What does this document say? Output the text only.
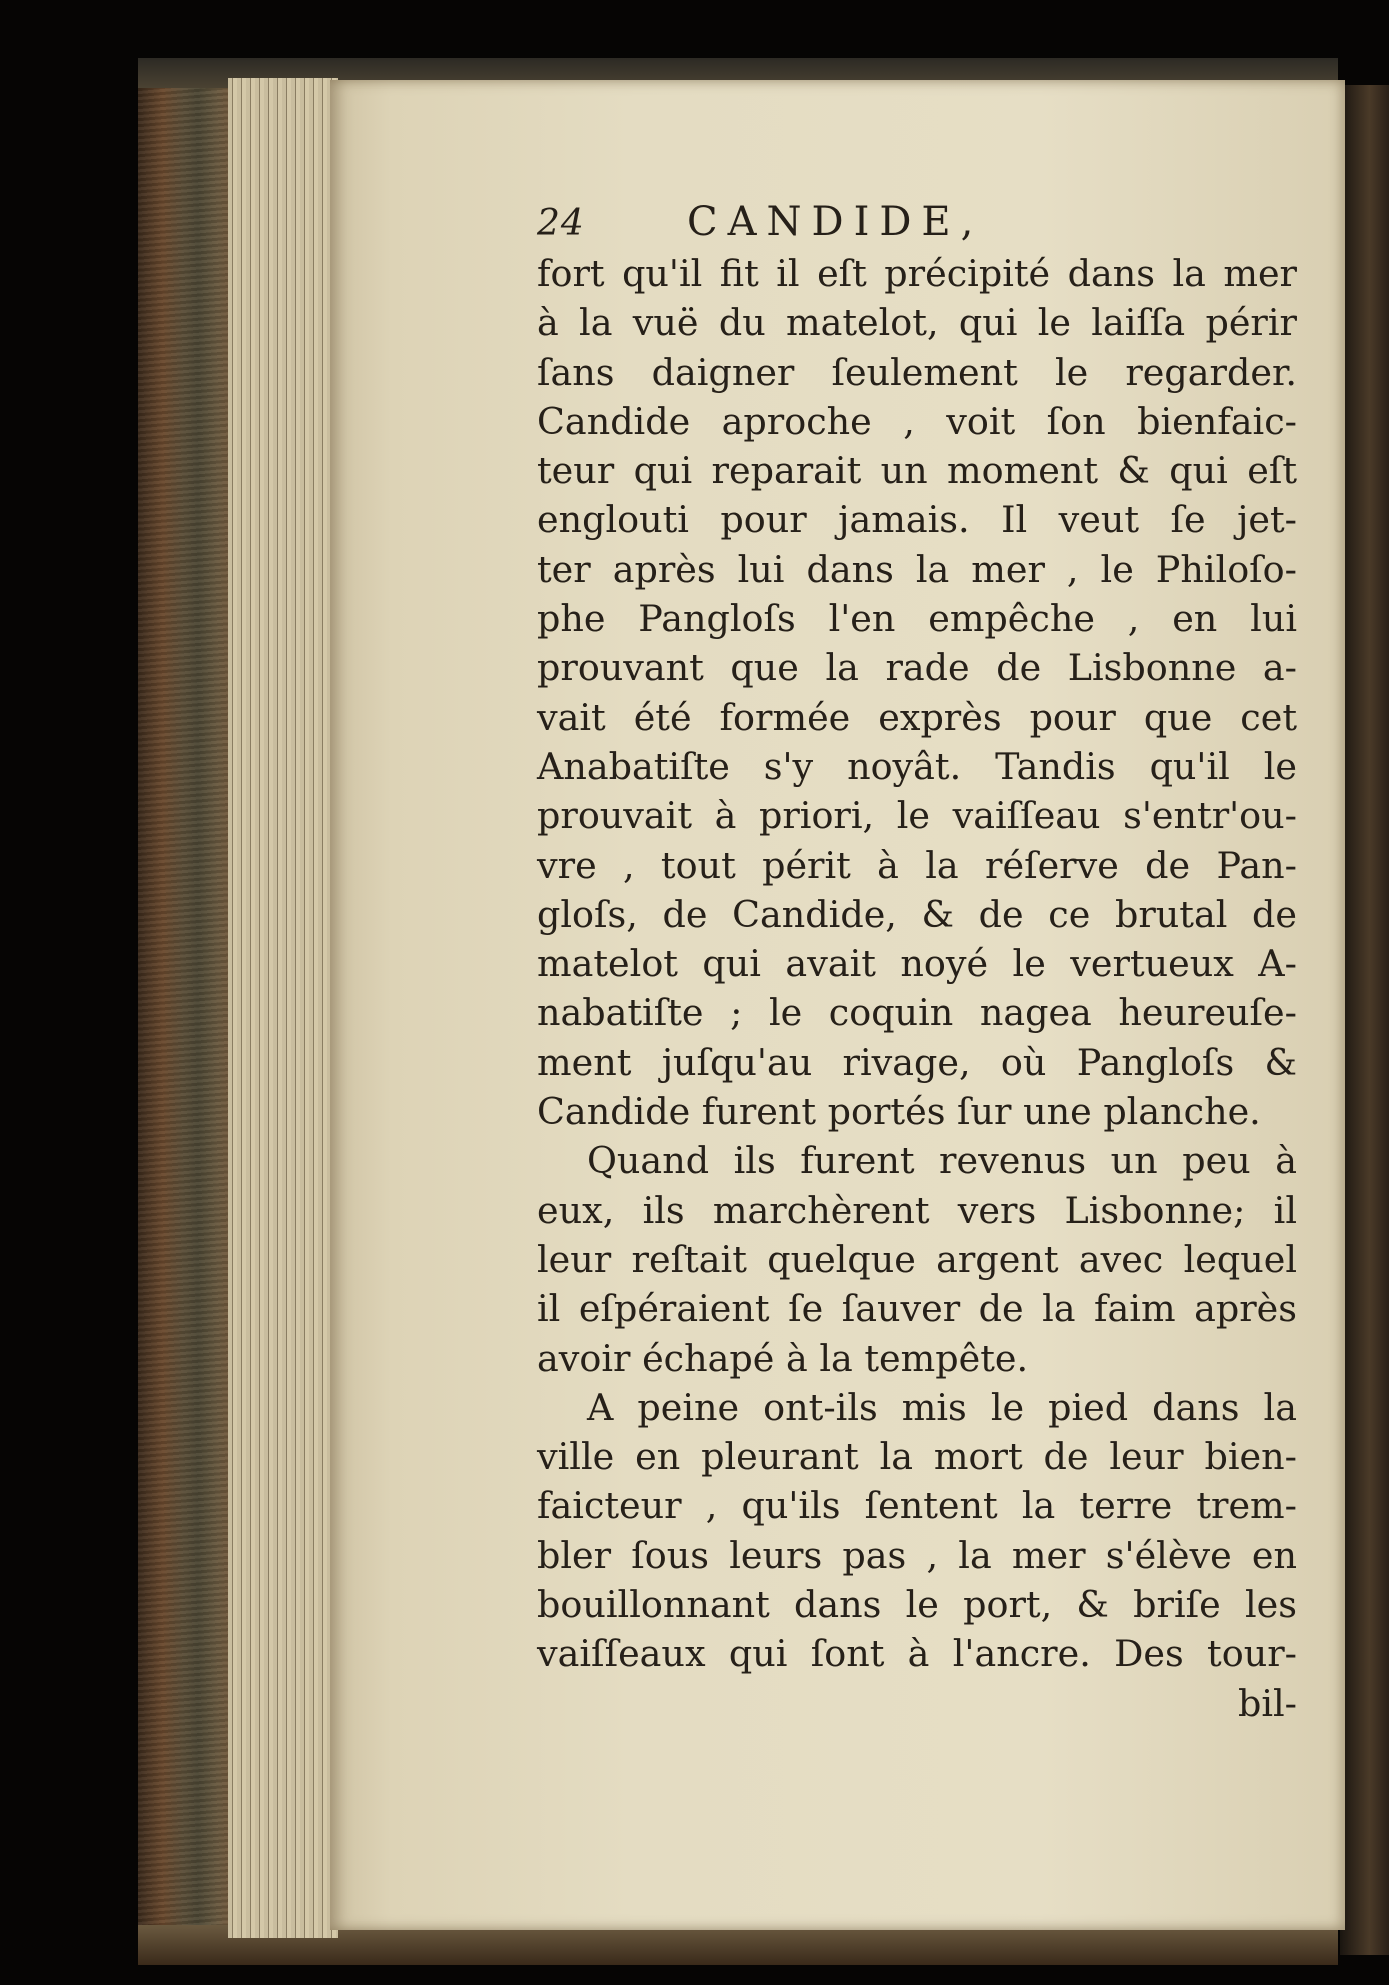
24	CANDIDE,
fort qu'il fit il eſt précipité dans la mer
à la vuë du matelot, qui le laiſſa périr
ſans daigner ſeulement le regarder.
Candide aproche , voit ſon bienfaic-
teur qui reparait un moment & qui eſt
englouti pour jamais. Il veut ſe jet-
ter après lui dans la mer , le Philoſo-
phe Pangloſs l'en empêche , en lui
prouvant que la rade de Lisbonne a-
vait été formée exprès pour que cet
Anabatiſte s'y noyât. Tandis qu'il le
prouvait à priori, le vaiſſeau s'entr'ou-
vre , tout périt à la réſerve de Pan-
gloſs, de Candide, & de ce brutal de
matelot qui avait noyé le vertueux A-
nabatiſte ; le coquin nagea heureuſe-
ment juſqu'au rivage, où Pangloſs &
Candide furent portés ſur une planche.
Quand ils furent revenus un peu à
eux, ils marchèrent vers Lisbonne; il
leur reſtait quelque argent avec lequel
il eſpéraient ſe ſauver de la faim après
avoir échapé à la tempête.
A peine ont-ils mis le pied dans la
ville en pleurant la mort de leur bien-
faicteur , qu'ils ſentent la terre trem-
bler ſous leurs pas , la mer s'élève en
bouillonnant dans le port, & briſe les
vaiſſeaux qui ſont à l'ancre. Des tour-
bil-
